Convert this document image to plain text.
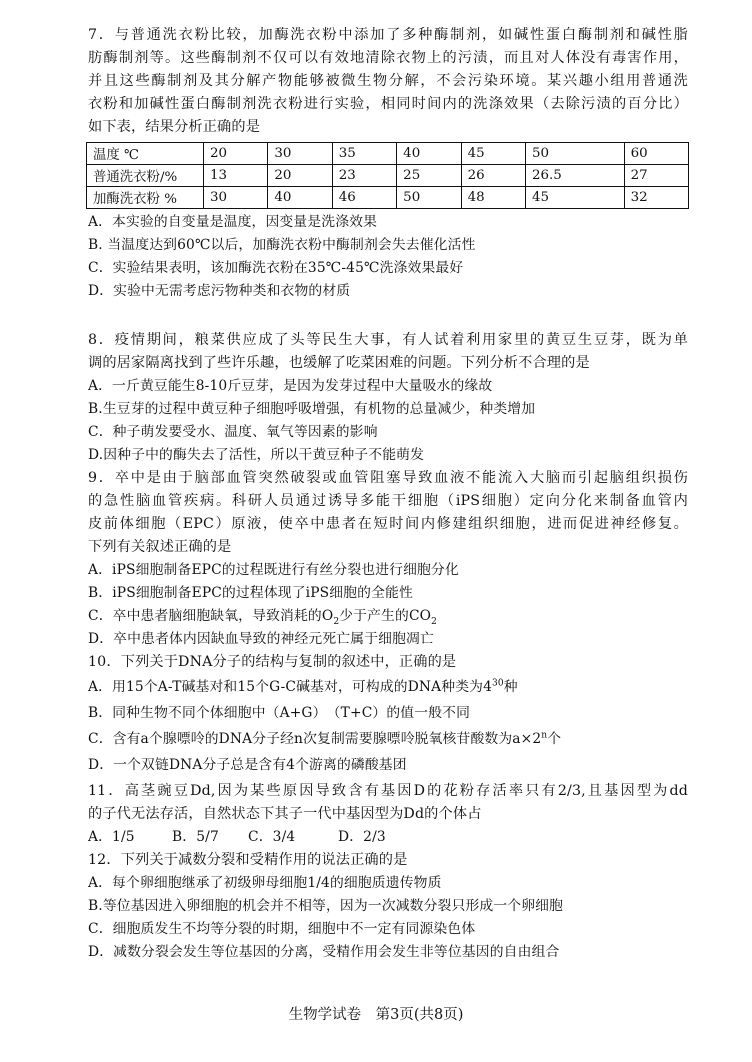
7．与普通洗衣粉比较，加酶洗衣粉中添加了多种酶制剂，如碱性蛋白酶制剂和碱性脂
肪酶制剂等。这些酶制剂不仅可以有效地清除衣物上的污渍，而且对人体没有毒害作用，
并且这些酶制剂及其分解产物能够被微生物分解，不会污染环境。某兴趣小组用普通洗
衣粉和加碱性蛋白酶制剂洗衣粉进行实验，相同时间内的洗涤效果（去除污渍的百分比）
如下表，结果分析正确的是
温度 ℃	20	30	35	40	45	50	60
普通洗衣粉/%	13	20	23	25	26	26.5	27
加酶洗衣粉 %	30	40	46	50	48	45	32
A．本实验的自变量是温度，因变量是洗涤效果
B. 当温度达到60℃以后，加酶洗衣粉中酶制剂会失去催化活性
C．实验结果表明，该加酶洗衣粉在35℃-45℃洗涤效果最好
D．实验中无需考虑污物种类和衣物的材质
8．疫情期间，粮菜供应成了头等民生大事，有人试着利用家里的黄豆生豆芽，既为单
调的居家隔离找到了些许乐趣，也缓解了吃菜困难的问题。下列分析不合理的是
A．一斤黄豆能生8-10斤豆芽，是因为发芽过程中大量吸水的缘故
B.生豆芽的过程中黄豆种子细胞呼吸增强，有机物的总量减少，种类增加
C．种子萌发要受水、温度、氧气等因素的影响
D.因种子中的酶失去了活性，所以干黄豆种子不能萌发
9．卒中是由于脑部血管突然破裂或血管阻塞导致血液不能流入大脑而引起脑组织损伤
的急性脑血管疾病。科研人员通过诱导多能干细胞（iPS细胞）定向分化来制备血管内
皮前体细胞（EPC）原液，使卒中患者在短时间内修建组织细胞，进而促进神经修复。
下列有关叙述正确的是
A．iPS细胞制备EPC的过程既进行有丝分裂也进行细胞分化
B．iPS细胞制备EPC的过程体现了iPS细胞的全能性
C．卒中患者脑细胞缺氧，导致消耗的$O_2$少于产生的$CO_2$
D．卒中患者体内因缺血导致的神经元死亡属于细胞凋亡
10．下列关于DNA分子的结构与复制的叙述中，正确的是
A．用15个A-T碱基对和15个G-C碱基对，可构成的DNA种类为$4^{30}$种
B．同种生物不同个体细胞中（A+G）　（T+C）的值一般不同
C．含有a个腺嘌呤的DNA分子经n次复制需要腺嘌呤脱氧核苷酸数为$a\times 2^n$个
D．一个双链DNA分子总是含有4个游离的磷酸基团
11．高茎豌豆Dd,因为某些原因导致含有基因D的花粉存活率只有2/3,且基因型为dd
的子代无法存活，自然状态下其子一代中基因型为Dd的个体占
A．1/5	B．5/7 C．3/4	D．2/3
12．下列关于减数分裂和受精作用的说法正确的是
A．每个卵细胞继承了初级卵母细胞1/4的细胞质遗传物质
B.等位基因进入卵细胞的机会并不相等，因为一次减数分裂只形成一个卵细胞
C．细胞质发生不均等分裂的时期，细胞中不一定有同源染色体
D．减数分裂会发生等位基因的分离，受精作用会发生非等位基因的自由组合
生物学试卷　第3页(共8页)
